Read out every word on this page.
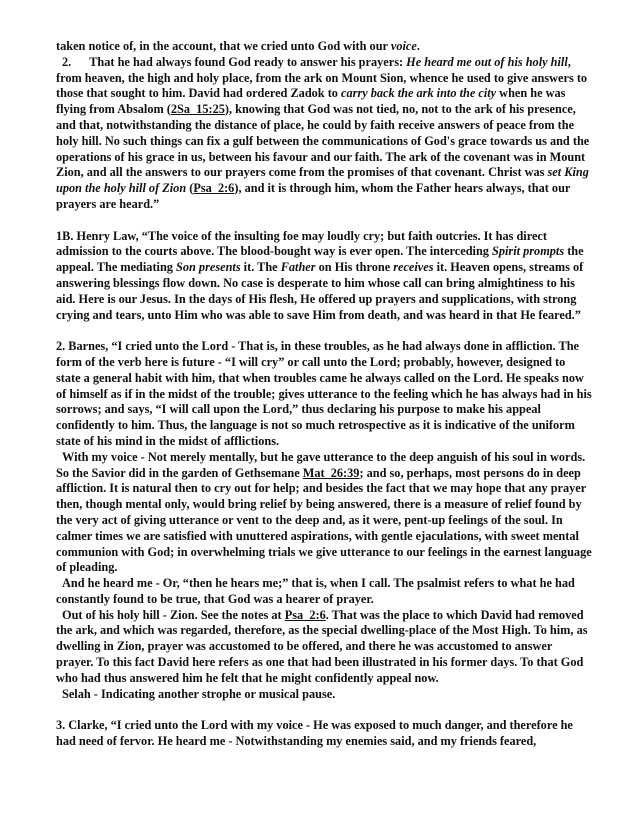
taken notice of, in the account, that we cried unto God with our voice.

2. That he had always found God ready to answer his prayers: He heard me out of his holy hill, from heaven, the high and holy place, from the ark on Mount Sion, whence he used to give answers to those that sought to him. David had ordered Zadok to carry back the ark into the city when he was flying from Absalom (2Sa_15:25), knowing that God was not tied, no, not to the ark of his presence, and that, notwithstanding the distance of place, he could by faith receive answers of peace from the holy hill. No such things can fix a gulf between the communications of God's grace towards us and the operations of his grace in us, between his favour and our faith. The ark of the covenant was in Mount Zion, and all the answers to our prayers come from the promises of that covenant. Christ was set King upon the holy hill of Zion (Psa_2:6), and it is through him, whom the Father hears always, that our prayers are heard.”

1B. Henry Law, “The voice of the insulting foe may loudly cry; but faith outcries. It has direct admission to the courts above. The blood-bought way is ever open. The interceding Spirit prompts the appeal. The mediating Son presents it. The Father on His throne receives it. Heaven opens, streams of answering blessings flow down. No case is desperate to him whose call can bring almightiness to his aid. Here is our Jesus. In the days of His flesh, He offered up prayers and supplications, with strong crying and tears, unto Him who was able to save Him from death, and was heard in that He feared.”

2. Barnes, “I cried unto the Lord - That is, in these troubles, as he had always done in affliction. The form of the verb here is future - “I will cry” or call unto the Lord; probably, however, designed to state a general habit with him, that when troubles came he always called on the Lord. He speaks now of himself as if in the midst of the trouble; gives utterance to the feeling which he has always had in his sorrows; and says, “I will call upon the Lord,” thus declaring his purpose to make his appeal confidently to him. Thus, the language is not so much retrospective as it is indicative of the uniform state of his mind in the midst of afflictions.

With my voice - Not merely mentally, but he gave utterance to the deep anguish of his soul in words. So the Savior did in the garden of Gethsemane Mat_26:39; and so, perhaps, most persons do in deep affliction. It is natural then to cry out for help; and besides the fact that we may hope that any prayer then, though mental only, would bring relief by being answered, there is a measure of relief found by the very act of giving utterance or vent to the deep and, as it were, pent-up feelings of the soul. In calmer times we are satisfied with unuttered aspirations, with gentle ejaculations, with sweet mental communion with God; in overwhelming trials we give utterance to our feelings in the earnest language of pleading.

And he heard me - Or, “then he hears me;” that is, when I call. The psalmist refers to what he had constantly found to be true, that God was a hearer of prayer.

Out of his holy hill - Zion. See the notes at Psa_2:6. That was the place to which David had removed the ark, and which was regarded, therefore, as the special dwelling-place of the Most High. To him, as dwelling in Zion, prayer was accustomed to be offered, and there he was accustomed to answer prayer. To this fact David here refers as one that had been illustrated in his former days. To that God who had thus answered him he felt that he might confidently appeal now.

Selah - Indicating another strophe or musical pause.

3. Clarke, “I cried unto the Lord with my voice - He was exposed to much danger, and therefore he had need of fervor. He heard me - Notwithstanding my enemies said, and my friends feared,
